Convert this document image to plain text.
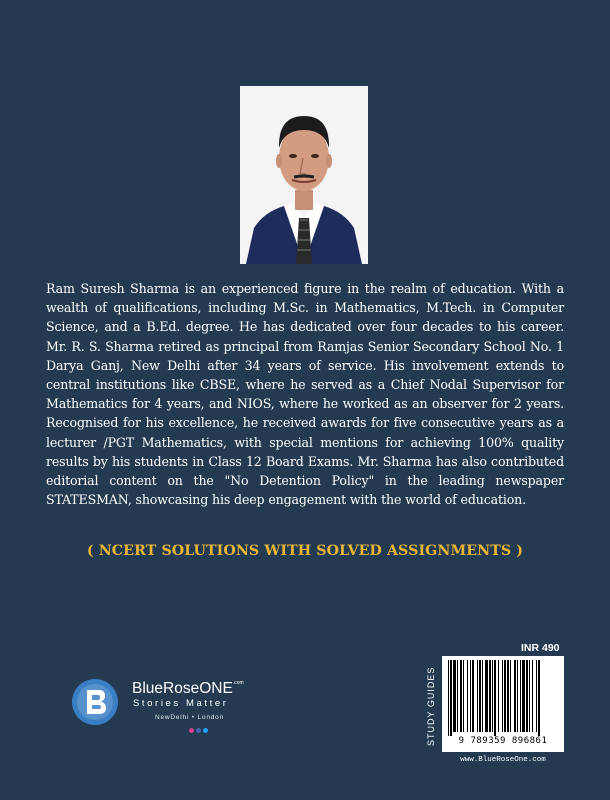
Ram Suresh Sharma is an experienced figure in the realm of education. With a wealth of qualifications, including M.Sc. in Mathematics, M.Tech. in Computer Science, and a B.Ed. degree. He has dedicated over four decades to his career. Mr. R. S. Sharma retired as principal from Ramjas Senior Secondary School No. 1 Darya Ganj, New Delhi after 34 years of service. His involvement extends to central institutions like CBSE, where he served as a Chief Nodal Supervisor for Mathematics for 4 years, and NIOS, where he worked as an observer for 2 years. Recognised for his excellence, he received awards for five consecutive years as a lecturer /PGT Mathematics, with special mentions for achieving 100% quality results by his students in Class 12 Board Exams. Mr. Sharma has also contributed editorial content on the "No Detention Policy" in the leading newspaper STATESMAN, showcasing his deep engagement with the world of education.

( NCERT SOLUTIONS WITH SOLVED ASSIGNMENTS )
INR 490
STUDY GUIDES	9 789359 896861
www.BlueRoseOne.com
BlueRoseONE$^{.com}$
Stories Matter
NewDelhi • London
